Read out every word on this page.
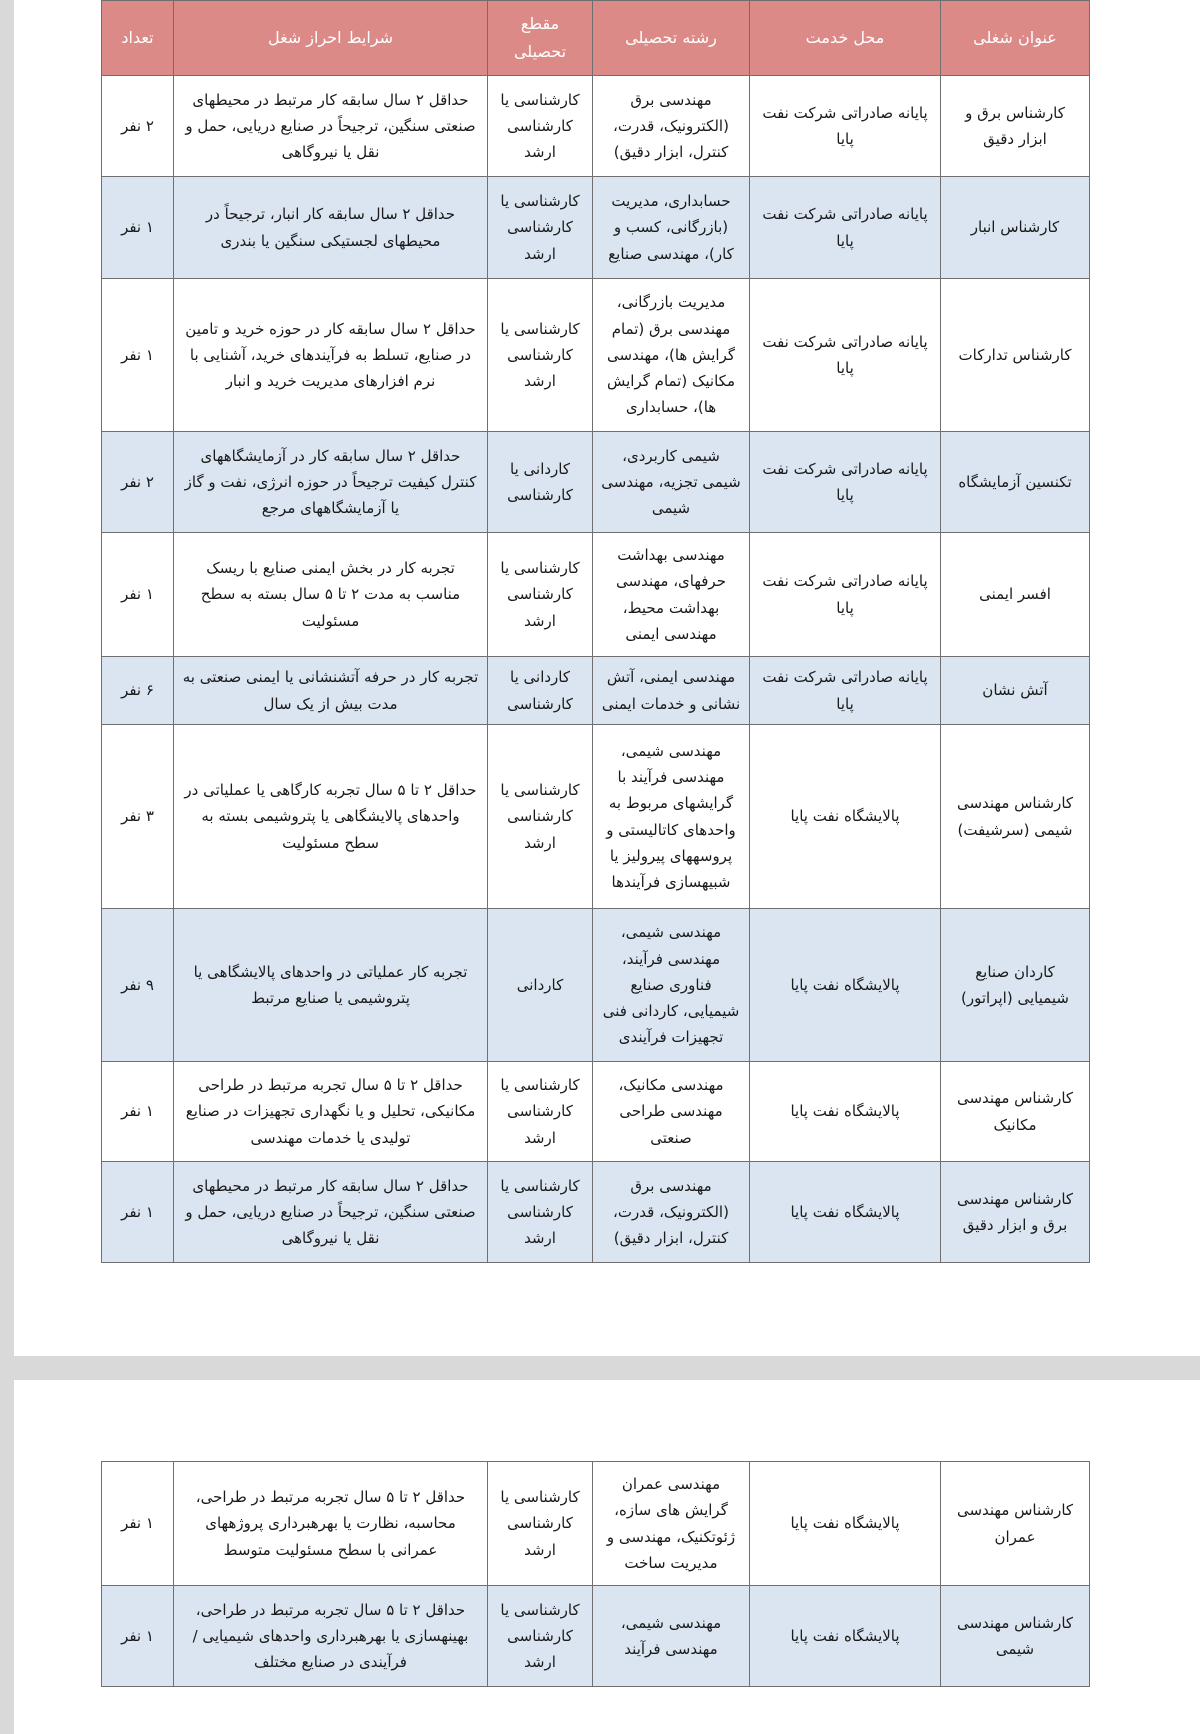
عنوان شغلی	محل خدمت	رشته تحصیلی	مقطع تحصیلی	شرایط احراز شغل	تعداد
کارشناس برق و ابزار دقیق	پایانه صادراتی شرکت نفت پایا	مهندسی برق (الکترونیک، قدرت، کنترل، ابزار دقیق)	کارشناسی یا کارشناسی ارشد	حداقل ۲ سال سابقه کار مرتبط در محیطهای صنعتی سنگین، ترجیحاً در صنایع دریایی، حمل و نقل یا نیروگاهی	۲ نفر
کارشناس انبار	پایانه صادراتی شرکت نفت پایا	حسابداری، مدیریت (بازرگانی، کسب و کار)، مهندسی صنایع	کارشناسی یا کارشناسی ارشد	حداقل ۲ سال سابقه کار انبار، ترجیحاً در محیطهای لجستیکی سنگین یا بندری	۱ نفر
کارشناس تدارکات	پایانه صادراتی شرکت نفت پایا	مدیریت بازرگانی، مهندسی برق (تمام گرایش ها)، مهندسی مکانیک (تمام گرایش ها)، حسابداری	کارشناسی یا کارشناسی ارشد	حداقل ۲ سال سابقه کار در حوزه خرید و تامین در صنایع، تسلط به فرآیندهای خرید، آشنایی با نرم افزارهای مدیریت خرید و انبار	۱ نفر
تکنسین آزمایشگاه	پایانه صادراتی شرکت نفت پایا	شیمی کاربردی، شیمی تجزیه، مهندسی شیمی	کاردانی یا کارشناسی	حداقل ۲ سال سابقه کار در آزمایشگاههای کنترل کیفیت ترجیحاً در حوزه انرژی، نفت و گاز یا آزمایشگاههای مرجع	۲ نفر
افسر ایمنی	پایانه صادراتی شرکت نفت پایا	مهندسی بهداشت حرفهای، مهندسی بهداشت محیط، مهندسی ایمنی	کارشناسی یا کارشناسی ارشد	تجربه کار در بخش ایمنی صنایع با ریسک مناسب به مدت ۲ تا ۵ سال بسته به سطح مسئولیت	۱ نفر
آتش نشان	پایانه صادراتی شرکت نفت پایا	مهندسی ایمنی، آتش نشانی و خدمات ایمنی	کاردانی یا کارشناسی	تجربه کار در حرفه آتشنشانی یا ایمنی صنعتی به مدت بیش از یک سال	۶ نفر
کارشناس مهندسی شیمی (سرشیفت)	پالایشگاه نفت پایا	مهندسی شیمی، مهندسی فرآیند با گرایشهای مربوط به واحدهای کاتالیستی و پروسههای پیرولیز یا شبیهسازی فرآیندها	کارشناسی یا کارشناسی ارشد	حداقل ۲ تا ۵ سال تجربه کارگاهی یا عملیاتی در واحدهای پالایشگاهی یا پتروشیمی بسته به سطح مسئولیت	۳ نفر
کاردان صنایع شیمیایی (اپراتور)	پالایشگاه نفت پایا	مهندسی شیمی، مهندسی فرآیند، فناوری صنایع شیمیایی، کاردانی فنی تجهیزات فرآیندی	کاردانی	تجربه کار عملیاتی در واحدهای پالایشگاهی یا پتروشیمی یا صنایع مرتبط	۹ نفر
کارشناس مهندسی مکانیک	پالایشگاه نفت پایا	مهندسی مکانیک، مهندسی طراحی صنعتی	کارشناسی یا کارشناسی ارشد	حداقل ۲ تا ۵ سال تجربه مرتبط در طراحی مکانیکی، تحلیل و یا نگهداری تجهیزات در صنایع تولیدی یا خدمات مهندسی	۱ نفر
کارشناس مهندسی برق و ابزار دقیق	پالایشگاه نفت پایا	مهندسی برق (الکترونیک، قدرت، کنترل، ابزار دقیق)	کارشناسی یا کارشناسی ارشد	حداقل ۲ سال سابقه کار مرتبط در محیطهای صنعتی سنگین، ترجیحاً در صنایع دریایی، حمل و نقل یا نیروگاهی	۱ نفر
کارشناس مهندسی عمران	پالایشگاه نفت پایا	مهندسی عمران گرایش های سازه، ژئوتکنیک، مهندسی و مدیریت ساخت	کارشناسی یا کارشناسی ارشد	حداقل ۲ تا ۵ سال تجربه مرتبط در طراحی، محاسبه، نظارت یا بهرهبرداری پروژههای عمرانی با سطح مسئولیت متوسط	۱ نفر
کارشناس مهندسی شیمی	پالایشگاه نفت پایا	مهندسی شیمی، مهندسی فرآیند	کارشناسی یا کارشناسی ارشد	حداقل ۲ تا ۵ سال تجربه مرتبط در طراحی، بهینهسازی یا بهرهبرداری واحدهای شیمیایی / فرآیندی در صنایع مختلف	۱ نفر
